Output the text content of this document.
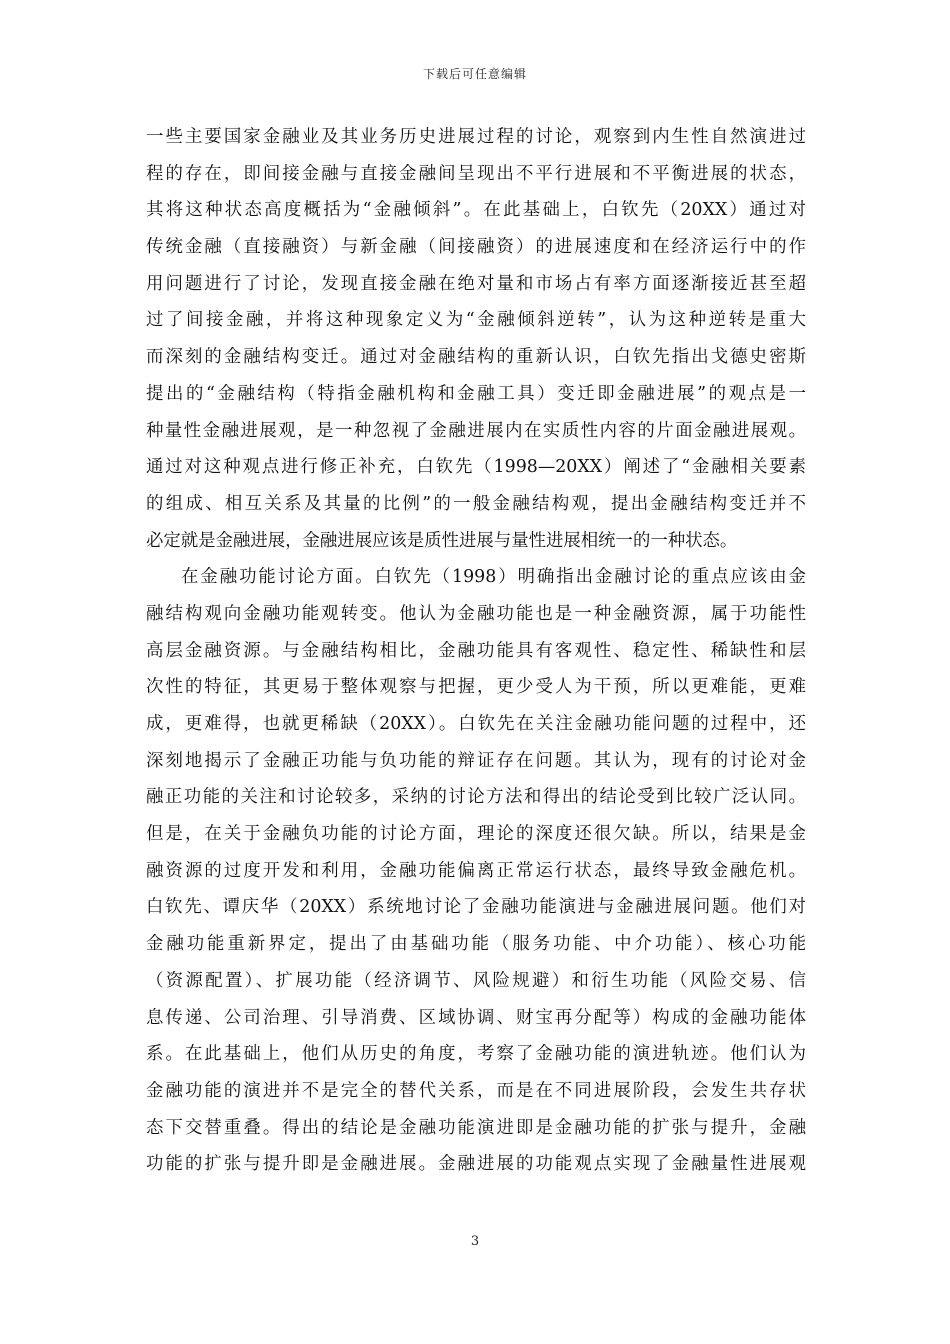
下载后可任意编辑
一些主要国家金融业及其业务历史进展过程的讨论，观察到内生性自然演进过
程的存在，即间接金融与直接金融间呈现出不平行进展和不平衡进展的状态，
其将这种状态高度概括为“金融倾斜”。在此基础上，白钦先（20XX）通过对
传统金融（直接融资）与新金融（间接融资）的进展速度和在经济运行中的作
用问题进行了讨论，发现直接金融在绝对量和市场占有率方面逐渐接近甚至超
过了间接金融，并将这种现象定义为“金融倾斜逆转”，认为这种逆转是重大
而深刻的金融结构变迁。通过对金融结构的重新认识，白钦先指出戈德史密斯
提出的“金融结构（特指金融机构和金融工具）变迁即金融进展”的观点是一
种量性金融进展观，是一种忽视了金融进展内在实质性内容的片面金融进展观。
通过对这种观点进行修正补充，白钦先（1998—20XX）阐述了“金融相关要素
的组成、相互关系及其量的比例”的一般金融结构观，提出金融结构变迁并不
必定就是金融进展，金融进展应该是质性进展与量性进展相统一的一种状态。
在金融功能讨论方面。白钦先（1998）明确指出金融讨论的重点应该由金
融结构观向金融功能观转变。他认为金融功能也是一种金融资源，属于功能性
高层金融资源。与金融结构相比，金融功能具有客观性、稳定性、稀缺性和层
次性的特征，其更易于整体观察与把握，更少受人为干预，所以更难能，更难
成，更难得，也就更稀缺（20XX）。白钦先在关注金融功能问题的过程中，还
深刻地揭示了金融正功能与负功能的辩证存在问题。其认为，现有的讨论对金
融正功能的关注和讨论较多，采纳的讨论方法和得出的结论受到比较广泛认同。
但是，在关于金融负功能的讨论方面，理论的深度还很欠缺。所以，结果是金
融资源的过度开发和利用，金融功能偏离正常运行状态，最终导致金融危机。
白钦先、谭庆华（20XX）系统地讨论了金融功能演进与金融进展问题。他们对
金融功能重新界定，提出了由基础功能（服务功能、中介功能）、核心功能
（资源配置）、扩展功能（经济调节、风险规避）和衍生功能（风险交易、信
息传递、公司治理、引导消费、区域协调、财宝再分配等）构成的金融功能体
系。在此基础上，他们从历史的角度，考察了金融功能的演进轨迹。他们认为
金融功能的演进并不是完全的替代关系，而是在不同进展阶段，会发生共存状
态下交替重叠。得出的结论是金融功能演进即是金融功能的扩张与提升，金融
功能的扩张与提升即是金融进展。金融进展的功能观点实现了金融量性进展观
3
